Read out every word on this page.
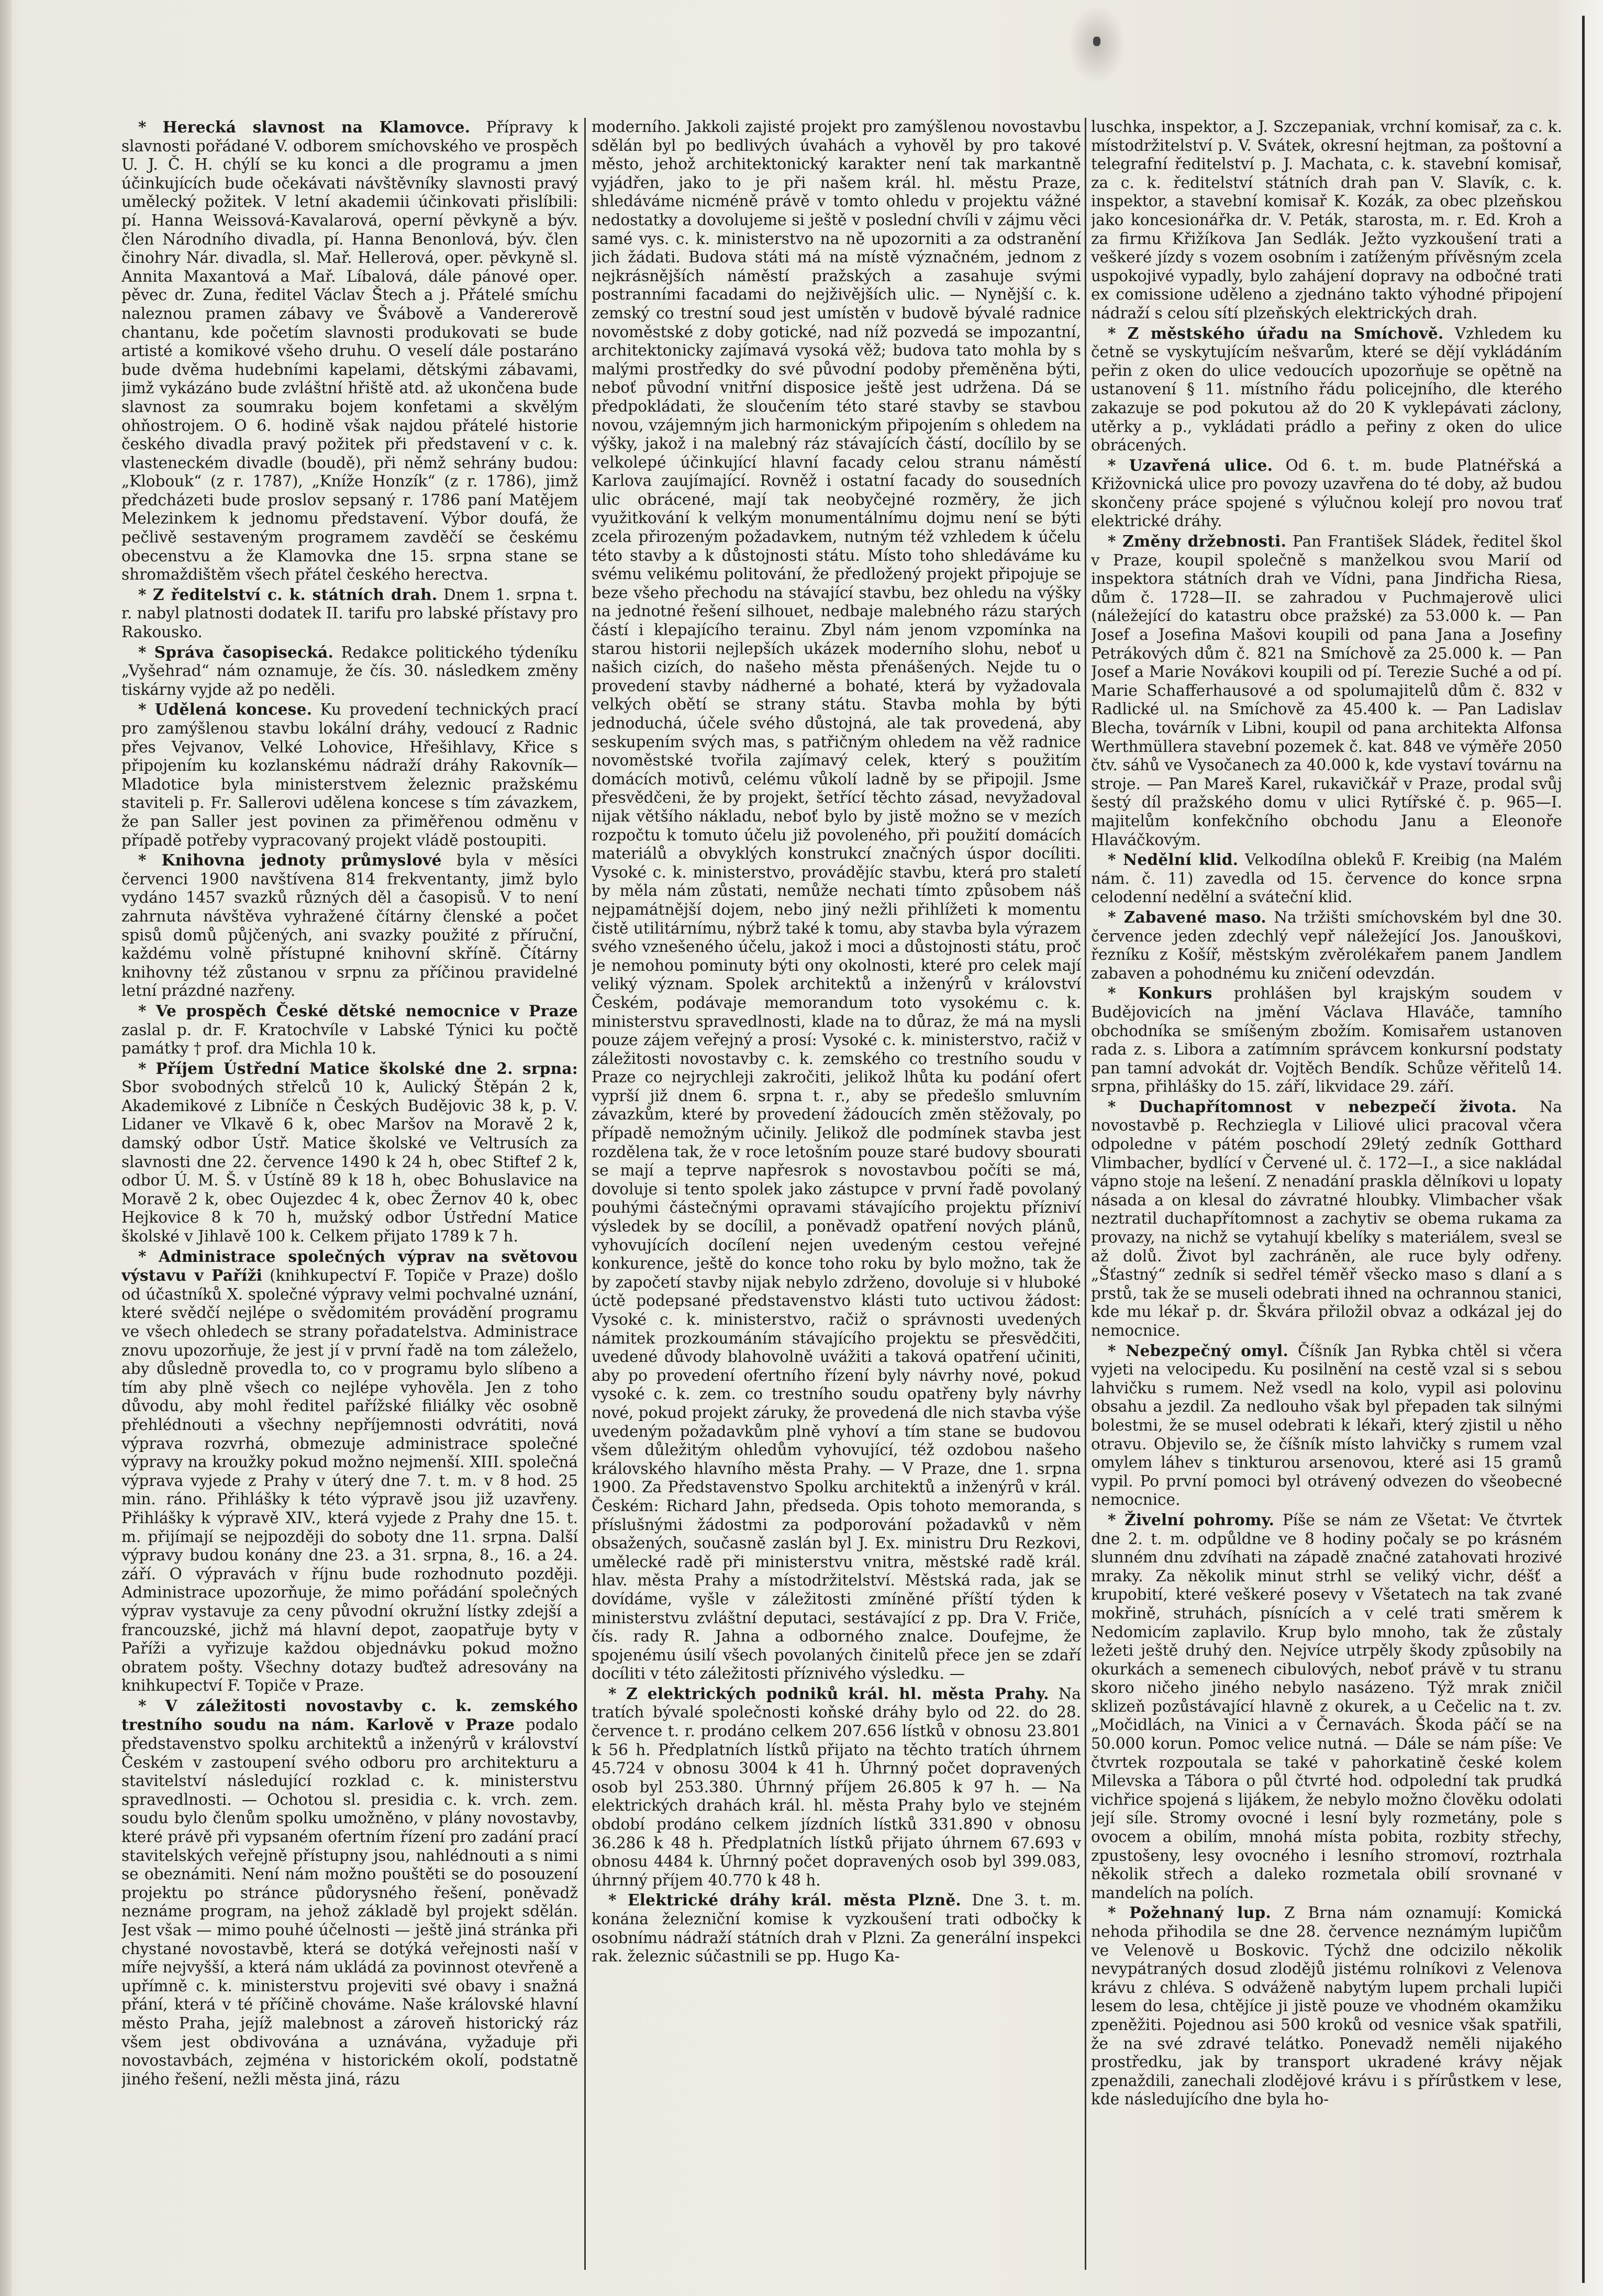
* Herecká slavnost na Klamovce. Přípravy k slavnosti pořádané V. odborem smíchovského ve prospěch U. J. Č. H. chýlí se ku konci a dle programu a jmen účinkujících bude očekávati návštěvníky slavnosti pravý umělecký požitek. V letní akademii účinkovati přislíbili: pí. Hanna Weissová-Kavalarová, operní pěvkyně a býv. člen Národního divadla, pí. Hanna Benonlová, býv. člen činohry Nár. divadla, sl. Mař. Hellerová, oper. pěvkyně sl. Annita Maxantová a Mař. Líbalová, dále pánové oper. pěvec dr. Zuna, ředitel Václav Štech a j. Přátelé smíchu naleznou pramen zábavy ve Švábově a Vandererově chantanu, kde početím slavnosti produkovati se bude artisté a komikové všeho druhu. O veselí dále postaráno bude dvěma hudebními kapelami, dětskými zábavami, jimž vykázáno bude zvláštní hřiště atd. až ukončena bude slavnost za soumraku bojem konfetami a skvělým ohňostrojem. O 6. hodině však najdou přátelé historie českého divadla pravý požitek při představení v c. k. vlasteneckém divadle (boudě), při němž sehrány budou: „Klobouk“ (z r. 1787), „Kníže Honzík“ (z r. 1786), jimž předcházeti bude proslov sepsaný r. 1786 paní Matějem Melezinkem k jednomu představení. Výbor doufá, že pečlivě sestaveným programem zavděčí se českému obecenstvu a že Klamovka dne 15. srpna stane se shromaždištěm všech přátel českého herectva.

* Z ředitelství c. k. státních drah. Dnem 1. srpna t. r. nabyl platnosti dodatek II. tarifu pro labské přístavy pro Rakousko.

* Správa časopisecká. Redakce politického týdeníku „Vyšehrad“ nám oznamuje, že čís. 30. následkem změny tiskárny vyjde až po neděli.

* Udělená koncese. Ku provedení technických prací pro zamýšlenou stavbu lokální dráhy, vedoucí z Radnic přes Vejvanov, Velké Lohovice, Hřešihlavy, Křice s připojením ku kozlanskému nádraží dráhy Rakovník—Mladotice byla ministerstvem železnic pražskému staviteli p. Fr. Sallerovi udělena koncese s tím závazkem, že pan Saller jest povinen za přiměřenou odměnu v případě potřeby vypracovaný projekt vládě postoupiti.

* Knihovna jednoty průmyslové byla v měsíci červenci 1900 navštívena 814 frekventanty, jimž bylo vydáno 1457 svazků různých děl a časopisů. V to není zahrnuta návštěva vyhražené čítárny členské a počet spisů domů půjčených, ani svazky použité z příruční, každému volně přístupné knihovní skříně. Čítárny knihovny též zůstanou v srpnu za příčinou pravidelné letní prázdné nazřeny.

* Ve prospěch České dětské nemocnice v Praze zaslal p. dr. F. Kratochvíle v Labské Týnici ku počtě památky † prof. dra Michla 10 k.

* Příjem Ústřední Matice školské dne 2. srpna: Sbor svobodných střelců 10 k, Aulický Štěpán 2 k, Akademikové z Libníče n Českých Budějovic 38 k, p. V. Lidaner ve Vlkavě 6 k, obec Maršov na Moravě 2 k, damský odbor Ústř. Matice školské ve Veltrusích za slavnosti dne 22. července 1490 k 24 h, obec Stiftef 2 k, odbor Ú. M. Š. v Ústíně 89 k 18 h, obec Bohuslavice na Moravě 2 k, obec Oujezdec 4 k, obec Žernov 40 k, obec Hejkovice 8 k 70 h, mužský odbor Ústřední Matice školské v Jihlavě 100 k. Celkem přijato 1789 k 7 h.

* Administrace společných výprav na světovou výstavu v Paříži (knihkupectví F. Topiče v Praze) došlo od účastníků X. společné výpravy velmi pochvalné uznání, které svědčí nejlépe o svědomitém provádění programu ve všech ohledech se strany pořadatelstva. Administrace znovu upozorňuje, že jest jí v první řadě na tom záleželo, aby důsledně provedla to, co v programu bylo slíbeno a tím aby plně všech co nejlépe vyhověla. Jen z toho důvodu, aby mohl ředitel pařížské filiálky věc osobně přehlédnouti a všechny nepříjemnosti odvrátiti, nová výprava rozvrhá, obmezuje administrace společné výpravy na kroužky pokud možno nejmenší. XIII. společná výprava vyjede z Prahy v úterý dne 7. t. m. v 8 hod. 25 min. ráno. Přihlášky k této výpravě jsou již uzavřeny. Přihlášky k výpravě XIV., která vyjede z Prahy dne 15. t. m. přijímají se nejpozději do soboty dne 11. srpna. Další výpravy budou konány dne 23. a 31. srpna, 8., 16. a 24. září. O výpravách v říjnu bude rozhodnuto později. Administrace upozorňuje, že mimo pořádání společných výprav vystavuje za ceny původní okružní lístky zdejší a francouzské, jichž má hlavní depot, zaopatřuje byty v Paříži a vyřizuje každou objednávku pokud možno obratem pošty. Všechny dotazy buďtež adresovány na knihkupectví F. Topiče v Praze.

* V záležitosti novostavby c. k. zemského trestního soudu na nám. Karlově v Praze podalo představenstvo spolku architektů a inženýrů v království Českém v zastoupení svého odboru pro architekturu a stavitelství následující rozklad c. k. ministerstvu spravedlnosti. — Ochotou sl. presidia c. k. vrch. zem. soudu bylo členům spolku umožněno, v plány novostavby, které právě při vypsaném ofertním řízení pro zadání prací stavitelských veřejně přístupny jsou, nahlédnouti a s nimi se obeznámiti. Není nám možno pouštěti se do posouzení projektu po stránce půdorysného řešení, poněvadž neznáme program, na jehož základě byl projekt sdělán. Jest však — mimo pouhé účelnosti — ještě jiná stránka při chystané novostavbě, která se dotýká veřejnosti naší v míře nejvyšší, a která nám ukládá za povinnost otevřeně a upřímně c. k. ministerstvu projeviti své obavy i snažná přání, která v té příčině chováme. Naše královské hlavní město Praha, jejíž malebnost a zároveň historický ráz všem jest obdivována a uznávána, vyžaduje při novostavbách, zejména v historickém okolí, podstatně jiného řešení, nežli města jiná, rázu

moderního. Jakkoli zajisté projekt pro zamýšlenou novostavbu sdělán byl po bedlivých úvahách a vyhověl by pro takové město, jehož architektonický karakter není tak markantně vyjádřen, jako to je při našem král. hl. městu Praze, shledáváme nicméně právě v tomto ohledu v projektu vážné nedostatky a dovolujeme si ještě v poslední chvíli v zájmu věci samé vys. c. k. ministerstvo na ně upozorniti a za odstranění jich žádati. Budova státi má na místě význačném, jednom z nejkrásnějších náměstí pražských a zasahuje svými postranními facadami do nejživějších ulic. — Nynější c. k. zemský co trestní soud jest umístěn v budově bývalé radnice novoměstské z doby gotické, nad níž pozvedá se impozantní, architektonicky zajímavá vysoká věž; budova tato mohla by s malými prostředky do své původní podoby přeměněna býti, neboť původní vnitřní disposice ještě jest udržena. Dá se předpokládati, že sloučením této staré stavby se stavbou novou, vzájemným jich harmonickým připojením s ohledem na výšky, jakož i na malebný ráz stávajících částí, docílilo by se velkolepé účinkující hlavní facady celou stranu náměstí Karlova zaujímající. Rovněž i ostatní facady do sousedních ulic obrácené, mají tak neobyčejné rozměry, že jich využitkování k velkým monumentálnímu dojmu není se býti zcela přirozeným požadavkem, nutným též vzhledem k účelu této stavby a k důstojnosti státu. Místo toho shledáváme ku svému velikému politování, že předložený projekt připojuje se beze všeho přechodu na stávající stavbu, bez ohledu na výšky na jednotné řešení silhouet, nedbaje malebného rázu starých částí i klepajícího terainu. Zbyl nám jenom vzpomínka na starou historii nejlepších ukázek moderního slohu, neboť u našich cizích, do našeho města přenášených. Nejde tu o provedení stavby nádherné a bohaté, která by vyžadovala velkých obětí se strany státu. Stavba mohla by býti jednoduchá, účele svého důstojná, ale tak provedená, aby seskupením svých mas, s patřičným ohledem na věž radnice novoměstské tvořila zajímavý celek, který s použitím domácích motivů, celému vůkolí ladně by se připojil. Jsme přesvědčeni, že by projekt, šetřící těchto zásad, nevyžadoval nijak většího nákladu, neboť bylo by jistě možno se v mezích rozpočtu k tomuto účelu již povoleného, při použití domácích materiálů a obvyklých konstrukcí značných úspor docíliti. Vysoké c. k. ministerstvo, provádějíc stavbu, která pro staletí by měla nám zůstati, nemůže nechati tímto způsobem náš nejpamátnější dojem, nebo jiný nežli přihlížeti k momentu čistě utilitárnímu, nýbrž také k tomu, aby stavba byla výrazem svého vznešeného účelu, jakož i moci a důstojnosti státu, proč je nemohou pominuty býti ony okolnosti, které pro celek mají veliký význam. Spolek architektů a inženýrů v království Českém, podávaje memorandum toto vysokému c. k. ministerstvu spravedlnosti, klade na to důraz, že má na mysli pouze zájem veřejný a prosí: Vysoké c. k. ministerstvo, račiž v záležitosti novostavby c. k. zemského co trestního soudu v Praze co nejrychleji zakročiti, jelikož lhůta ku podání ofert vyprší již dnem 6. srpna t. r., aby se předešlo smluvním závazkům, které by provedení žádoucích změn stěžovaly, po případě nemožným učinily. Jelikož dle podmínek stavba jest rozdělena tak, že v roce letošním pouze staré budovy sbourati se mají a teprve napřesrok s novostavbou počíti se má, dovoluje si tento spolek jako zástupce v první řadě povolaný pouhými částečnými opravami stávajícího projektu přízniví výsledek by se docílil, a poněvadž opatření nových plánů, vyhovujících docílení nejen uvedeným cestou veřejné konkurence, ještě do konce toho roku by bylo možno, tak že by započetí stavby nijak nebylo zdrženo, dovoluje si v hluboké úctě podepsané představenstvo klásti tuto uctivou žádost: Vysoké c. k. ministerstvo, račiž o správnosti uvedených námitek prozkoumáním stávajícího projektu se přesvědčiti, uvedené důvody blahovolně uvážiti a taková opatření učiniti, aby po provedení ofertního řízení byly návrhy nové, pokud vysoké c. k. zem. co trestního soudu opatřeny byly návrhy nové, pokud projekt záruky, že provedená dle nich stavba výše uvedeným požadavkům plně vyhoví a tím stane se budovou všem důležitým ohledům vyhovující, též ozdobou našeho královského hlavního města Prahy. — V Praze, dne 1. srpna 1900. Za Představenstvo Spolku architektů a inženýrů v král. Českém: Richard Jahn, předseda. Opis tohoto memoranda, s příslušnými žádostmi za podporování požadavků v něm obsažených, současně zaslán byl J. Ex. ministru Dru Rezkovi, umělecké radě při ministerstvu vnitra, městské radě král. hlav. města Prahy a místodržitelství. Městská rada, jak se dovídáme, vyšle v záležitosti zmíněné příští týden k ministerstvu zvláštní deputaci, sestávající z pp. Dra V. Friče, čís. rady R. Jahna a odborného znalce. Doufejme, že spojenému úsilí všech povolaných činitelů přece jen se zdaří docíliti v této záležitosti příznivého výsledku. —

* Z elektrických podniků král. hl. města Prahy. Na tratích bývalé společnosti koňské dráhy bylo od 22. do 28. července t. r. prodáno celkem 207.656 lístků v obnosu 23.801 k 56 h. Předplatních lístků přijato na těchto tratích úhrnem 45.724 v obnosu 3004 k 41 h. Úhrnný počet dopravených osob byl 253.380. Úhrnný příjem 26.805 k 97 h. — Na elektrických drahách král. hl. města Prahy bylo ve stejném období prodáno celkem jízdních lístků 331.890 v obnosu 36.286 k 48 h. Předplatních lístků přijato úhrnem 67.693 v obnosu 4484 k. Úhrnný počet dopravených osob byl 399.083, úhrnný příjem 40.770 k 48 h.

* Elektrické dráhy král. města Plzně. Dne 3. t. m. konána železniční komise k vyzkoušení trati odbočky k osobnímu nádraží státních drah v Plzni. Za generální inspekci rak. železnic súčastnili se pp. Hugo Ka-

luschka, inspektor, a J. Szczepaniak, vrchní komisař, za c. k. místodržitelství p. V. Svátek, okresní hejtman, za poštovní a telegrafní ředitelství p. J. Machata, c. k. stavební komisař, za c. k. ředitelství státních drah pan V. Slavík, c. k. inspektor, a stavební komisař K. Kozák, za obec plzeňskou jako koncesionářka dr. V. Peták, starosta, m. r. Ed. Kroh a za firmu Křižíkova Jan Sedlák. Ježto vyzkoušení trati a veškeré jízdy s vozem osobním i zatíženým přívěsným zcela uspokojivé vypadly, bylo zahájení dopravy na odbočné trati ex comissione uděleno a zjednáno takto výhodné připojení nádraží s celou sítí plzeňských elektrických drah.

* Z městského úřadu na Smíchově. Vzhledem ku četně se vyskytujícím nešvarům, které se dějí vykládáním peřin z oken do ulice vedoucích upozorňuje se opětně na ustanovení § 11. místního řádu policejního, dle kterého zakazuje se pod pokutou až do 20 K vyklepávati záclony, utěrky a p., vykládati prádlo a peřiny z oken do ulice obrácených.

* Uzavřená ulice. Od 6. t. m. bude Platnéřská a Křižovnická ulice pro povozy uzavřena do té doby, až budou skončeny práce spojené s výlučnou kolejí pro novou trať elektrické dráhy.

* Změny držebnosti. Pan František Sládek, ředitel škol v Praze, koupil společně s manželkou svou Marií od inspektora státních drah ve Vídni, pana Jindřicha Riesa, dům č. 1728—II. se zahradou v Puchmajerově ulici (náležející do katastru obce pražské) za 53.000 k. — Pan Josef a Josefina Mašovi koupili od pana Jana a Josefiny Petrákových dům č. 821 na Smíchově za 25.000 k. — Pan Josef a Marie Novákovi koupili od pí. Terezie Suché a od pí. Marie Schafferhausové a od spolumajitelů dům č. 832 v Radlické ul. na Smíchově za 45.400 k. — Pan Ladislav Blecha, továrník v Libni, koupil od pana architekta Alfonsa Werthmüllera stavební pozemek č. kat. 848 ve výměře 2050 čtv. sáhů ve Vysočanech za 40.000 k, kde vystaví továrnu na stroje. — Pan Mareš Karel, rukavičkář v Praze, prodal svůj šestý díl pražského domu v ulici Rytířské č. p. 965—I. majitelům konfekčního obchodu Janu a Eleonoře Hlaváčkovým.

* Nedělní klid. Velkodílna obleků F. Kreibig (na Malém nám. č. 11) zavedla od 15. července do konce srpna celodenní nedělní a sváteční klid.

* Zabavené maso. Na tržišti smíchovském byl dne 30. července jeden zdechlý vepř náležející Jos. Janouškovi, řezníku z Košíř, městským zvěrolékařem panem Jandlem zabaven a pohodnému ku zničení odevzdán.

* Konkurs prohlášen byl krajským soudem v Budějovicích na jmění Václava Hlaváče, tamního obchodníka se smíšeným zbožím. Komisařem ustanoven rada z. s. Libora a zatímním správcem konkursní podstaty pan tamní advokát dr. Vojtěch Bendík. Schůze věřitelů 14. srpna, přihlášky do 15. září, likvidace 29. září.

* Duchapřítomnost v nebezpečí života. Na novostavbě p. Rechziegla v Liliové ulici pracoval včera odpoledne v pátém poschodí 29letý zedník Gotthard Vlimbacher, bydlící v Červené ul. č. 172—I., a sice nakládal vápno stoje na lešení. Z nenadání praskla dělníkovi u lopaty násada a on klesal do závratné hloubky. Vlimbacher však neztratil duchapřítomnost a zachytiv se obema rukama za provazy, na nichž se vytahují kbelíky s materiálem, sveзl se až dolů. Život byl zachráněn, ale ruce byly odřeny. „Šťastný“ zedník si sedřel téměř všecko maso s dlaní a s prstů, tak že se museli odebrati ihned na ochrannou stanici, kde mu lékař p. dr. Škvára přiložil obvaz a odkázal jej do nemocnice.

* Nebezpečný omyl. Číšník Jan Rybka chtěl si včera vyjeti na velocipedu. Ku posilnění na cestě vzal si s sebou lahvičku s rumem. Než vsedl na kolo, vypil asi polovinu obsahu a jezdil. Za nedlouho však byl přepaden tak silnými bolestmi, že se musel odebrati k lékaři, který zjistil u něho otravu. Objevilo se, že číšník místo lahvičky s rumem vzal omylem láhev s tinkturou arsenovou, které asi 15 gramů vypil. Po první pomoci byl otrávený odvezen do všeobecné nemocnice.

* Živelní pohromy. Píše se nám ze Všetat: Ve čtvrtek dne 2. t. m. odpůldne ve 8 hodiny počaly se po krásném slunném dnu zdvíhati na západě značné zatahovati hrozivé mraky. Za několik minut strhl se veliký vichr, déšť a krupobití, které veškeré posevy v Všetatech na tak zvané mokřině, struhách, písnících a v celé trati směrem k Nedomicím zaplavilo. Krup bylo mnoho, tak že zůstaly ležeti ještě druhý den. Nejvíce utrpěly škody způsobily na okurkách a semenech cibulových, neboť právě v tu stranu skoro ničeho jiného nebylo nasázeno. Týž mrak zničil sklizeň pozůstávající hlavně z okurek, a u Cečelic na t. zv. „Močidlách, na Vinici a v Černavách. Škoda páčí se na 50.000 korun. Pomoc velice nutná. — Dále se nám píše: Ve čtvrtek rozpoutala se také v pahorkatině české kolem Milevska a Tábora o půl čtvrté hod. odpolední tak prudká vichřice spojená s lijákem, že nebylo možno člověku odolati její síle. Stromy ovocné i lesní byly rozmetány, pole s ovocem a obilím, mnohá místa pobita, rozbity střechy, zpustošeny, lesy ovocného i lesního stromoví, roztrhala několik střech a daleko rozmetala obilí srovnané v mandelích na polích.

* Požehnaný lup. Z Brna nám oznamují: Komická nehoda přihodila se dne 28. července neznámým lupičům ve Velenově u Boskovic. Týchž dne odcizilo několik nevypátraných dosud zlodějů jistému rolníkovi z Velenova krávu z chléva. S odváženě nabytým lupem prchali lupiči lesem do lesa, chtějíce ji jistě pouze ve vhodném okamžiku zpeněžiti. Pojednou asi 500 kroků od vesnice však spatřili, že na své zdravé telátko. Ponevadž neměli nijakého prostředku, jak by transport ukradené krávy nějak zpenaždili, zanechali zlodějové krávu i s přírůstkem v lese, kde následujícího dne byla ho-
